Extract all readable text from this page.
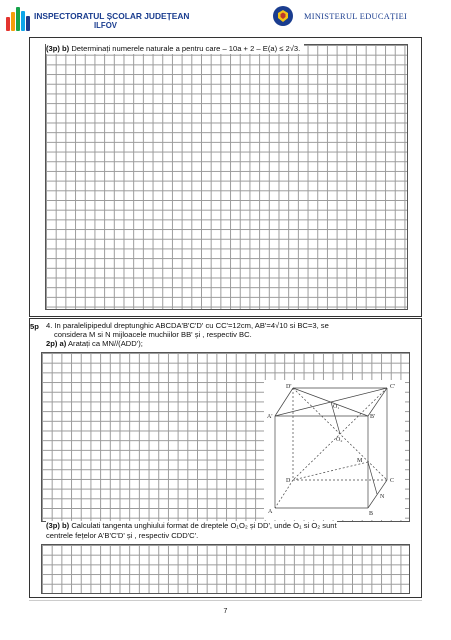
INSPECTORATUL ȘCOLAR JUDEȚEAN
ILFOV
MINISTERUL EDUCAȚIEI
(3p) b) Determinați numerele naturale a pentru care – 10a + 2 – E(a) ≤ 2√3.
5p 4. In paralelipipedul dreptunghic ABCDA'B'C'D' cu CC'=12cm, AB'=4√10 si BC=3, se
considera M si N mijloacele muchiilor BB' și , respectiv BC.
2p) a) Aratați ca MN//(ADD');
D'	C'
A'	B'
O₁
O₂
M
D	C
N
A	B
(3p) b) Calculati tangenta unghiului format de dreptele O₁O₂ și DD', unde O₁ si O₂ sunt
centrele fețelor A'B'C'D' și , respectiv CDD'C'.
7
